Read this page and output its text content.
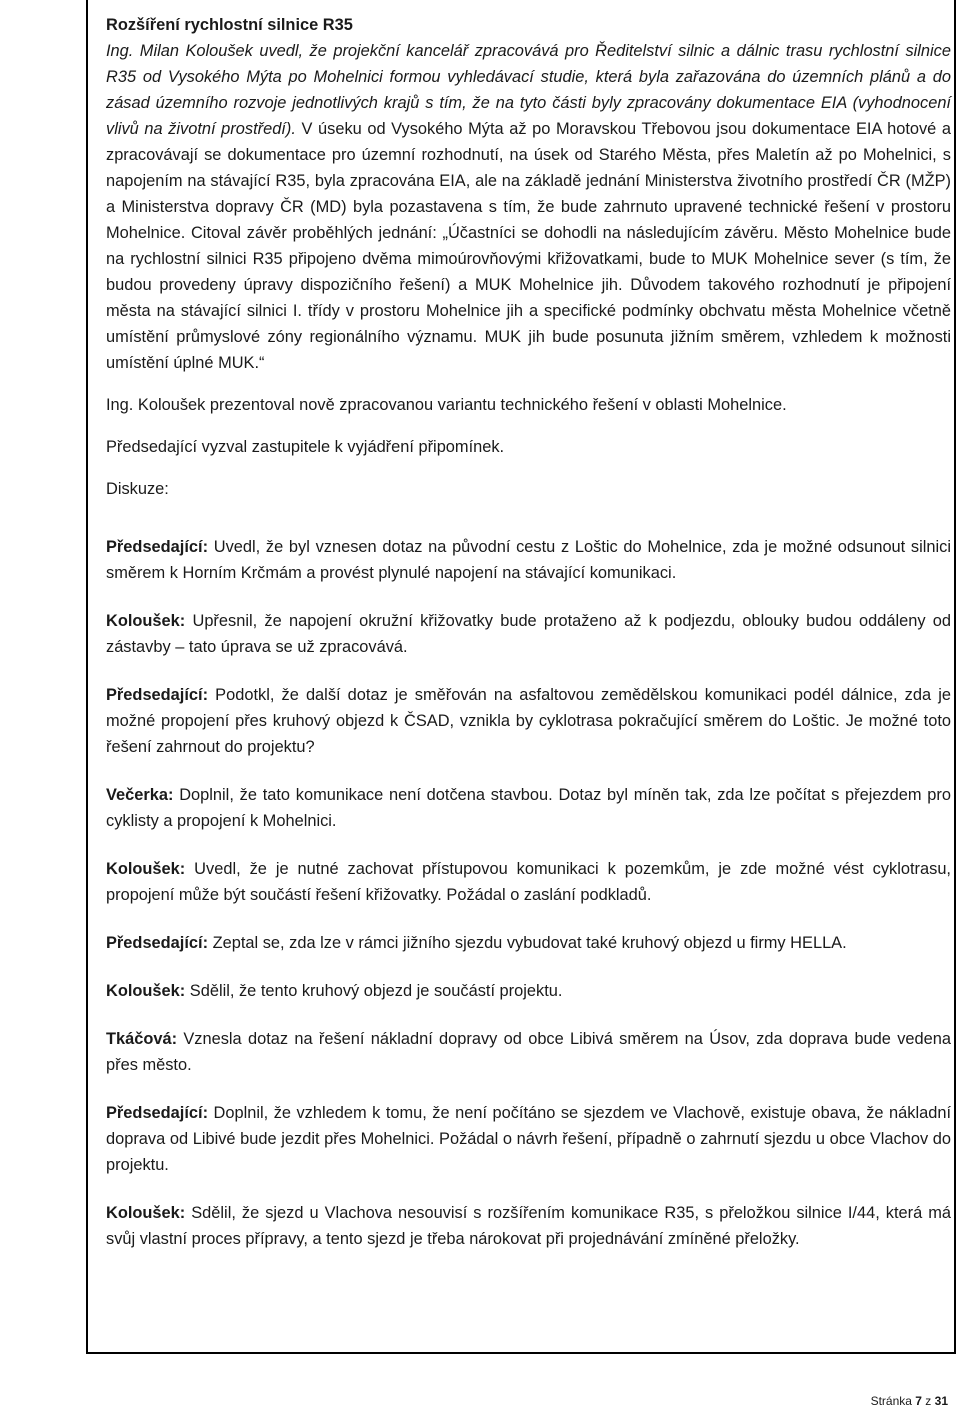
Rozšíření rychlostní silnice R35

Ing. Milan Koloušek uvedl, že projekční kancelář zpracovává pro Ředitelství silnic a dálnic trasu rychlostní silnice R35 od Vysokého Mýta po Mohelnici formou vyhledávací studie, která byla zařazována do územních plánů a do zásad územního rozvoje jednotlivých krajů s tím, že na tyto části byly zpracovány dokumentace EIA (vyhodnocení vlivů na životní prostředí). V úseku od Vysokého Mýta až po Moravskou Třebovou jsou dokumentace EIA hotové a zpracovávají se dokumentace pro územní rozhodnutí, na úsek od Starého Města, přes Maletín až po Mohelnici, s napojením na stávající R35, byla zpracována EIA, ale na základě jednání Ministerstva životního prostředí ČR (MŽP) a Ministerstva dopravy ČR (MD) byla pozastavena s tím, že bude zahrnuto upravené technické řešení v prostoru Mohelnice. Citoval závěr proběhlých jednání: „Účastníci se dohodli na následujícím závěru. Město Mohelnice bude na rychlostní silnici R35 připojeno dvěma mimoúrovňovými křižovatkami, bude to MUK Mohelnice sever (s tím, že budou provedeny úpravy dispozičního řešení) a MUK Mohelnice jih. Důvodem takového rozhodnutí je připojení města na stávající silnici I. třídy v prostoru Mohelnice jih a specifické podmínky obchvatu města Mohelnice včetně umístění průmyslové zóny regionálního významu. MUK jih bude posunuta jižním směrem, vzhledem k možnosti umístění úplné MUK.“

Ing. Koloušek prezentoval nově zpracovanou variantu technického řešení v oblasti Mohelnice.

Předsedající vyzval zastupitele k vyjádření připomínek.

Diskuze:

Předsedající: Uvedl, že byl vznesen dotaz na původní cestu z Loštic do Mohelnice, zda je možné odsunout silnici směrem k Horním Krčmám a provést plynulé napojení na stávající komunikaci.

Koloušek: Upřesnil, že napojení okružní křižovatky bude protaženo až k podjezdu, oblouky budou oddáleny od zástavby – tato úprava se už zpracovává.

Předsedající: Podotkl, že další dotaz je směřován na asfaltovou zemědělskou komunikaci podél dálnice, zda je možné propojení přes kruhový objezd k ČSAD, vznikla by cyklotrasa pokračující směrem do Loštic. Je možné toto řešení zahrnout do projektu?

Večerka: Doplnil, že tato komunikace není dotčena stavbou. Dotaz byl míněn tak, zda lze počítat s přejezdem pro cyklisty a propojení k Mohelnici.

Koloušek: Uvedl, že je nutné zachovat přístupovou komunikaci k pozemkům, je zde možné vést cyklotrasu, propojení může být součástí řešení křižovatky. Požádal o zaslání podkladů.

Předsedající: Zeptal se, zda lze v rámci jižního sjezdu vybudovat také kruhový objezd u firmy HELLA.

Koloušek: Sdělil, že tento kruhový objezd je součástí projektu.

Tkáčová: Vznesla dotaz na řešení nákladní dopravy od obce Libivá směrem na Úsov, zda doprava bude vedena přes město.

Předsedající: Doplnil, že vzhledem k tomu, že není počítáno se sjezdem ve Vlachově, existuje obava, že nákladní doprava od Libivé bude jezdit přes Mohelnici. Požádal o návrh řešení, případně o zahrnutí sjezdu u obce Vlachov do projektu.

Koloušek: Sdělil, že sjezd u Vlachova nesouvisí s rozšířením komunikace R35, s přeložkou silnice I/44, která má svůj vlastní proces přípravy, a tento sjezd je třeba nárokovat při projednávání zmíněné přeložky.

Stránka 7 z 31
